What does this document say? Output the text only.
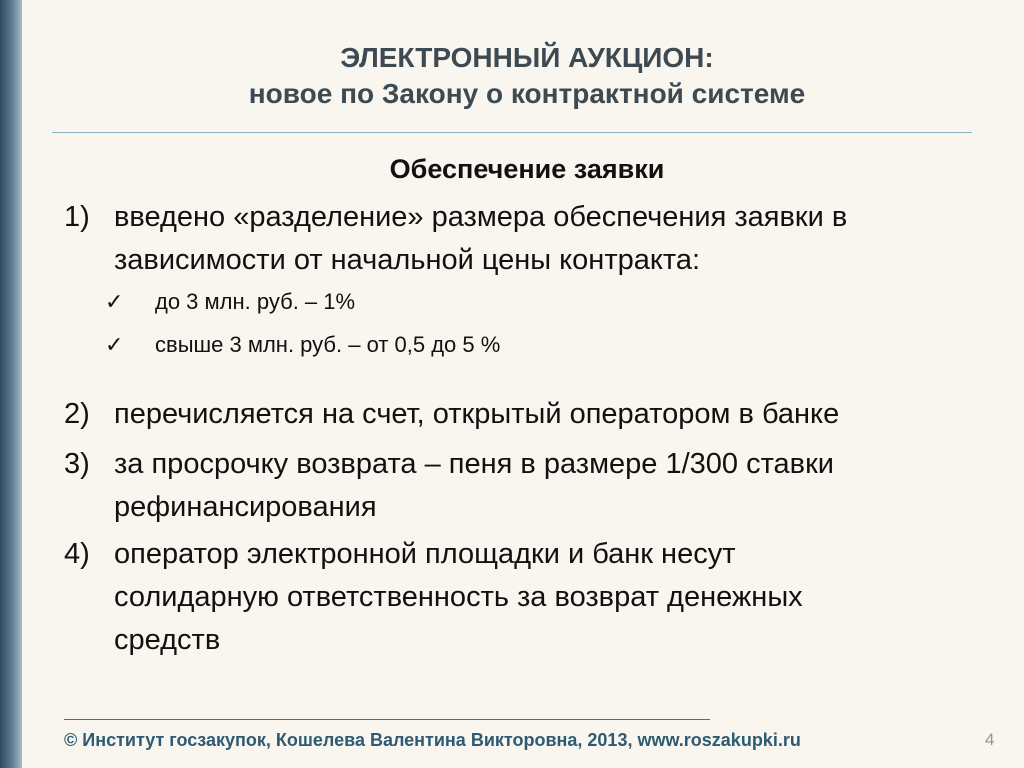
ЭЛЕКТРОННЫЙ АУКЦИОН:
новое по Закону о контрактной системе
Обеспечение заявки
1) введено «разделение» размера обеспечения заявки в
зависимости от начальной цены контракта:
✓ до 3 млн. руб. – 1%
✓ свыше 3 млн. руб. – от 0,5 до 5 %
2) перечисляется на счет, открытый оператором в банке
3) за просрочку возврата – пеня в размере 1/300 ставки
рефинансирования
4) оператор электронной площадки и банк несут
солидарную ответственность за возврат денежных
средств
© Институт госзакупок, Кошелева Валентина Викторовна, 2013, www.roszakupki.ru	4
